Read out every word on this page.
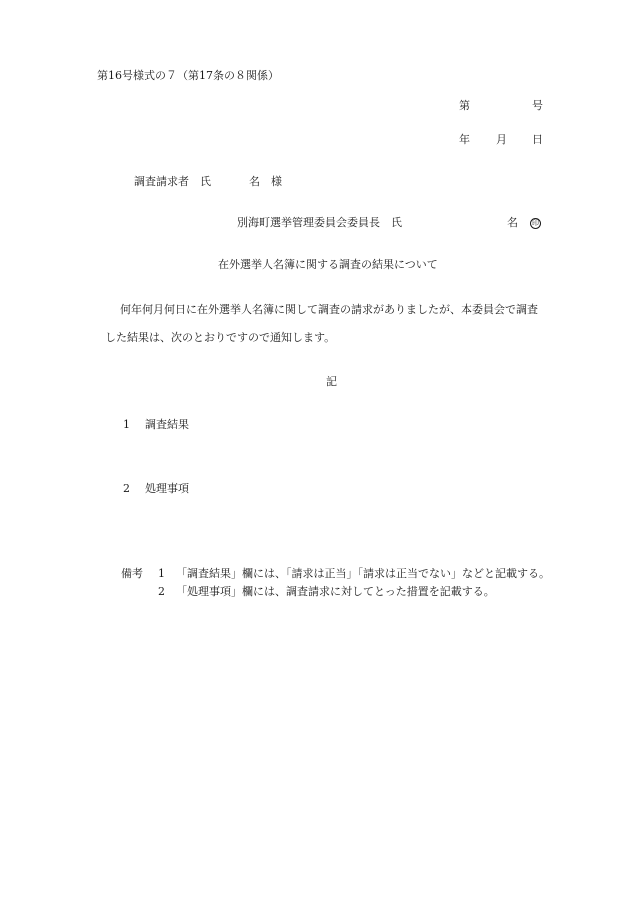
第16号様式の７（第17条の８関係）
第	号
年 月 日
調査請求者　氏	名　様
別海町選挙管理委員会委員長　氏	名 印
在外選挙人名簿に関する調査の結果について
何年何月何日に在外選挙人名簿に関して調査の請求がありましたが、本委員会で調査
した結果は、次のとおりですので通知します。
記
1 調査結果
2 処理事項
備考 1 「調査結果」欄には、「請求は正当」「請求は正当でない」などと記載する。
2 「処理事項」欄には、調査請求に対してとった措置を記載する。
